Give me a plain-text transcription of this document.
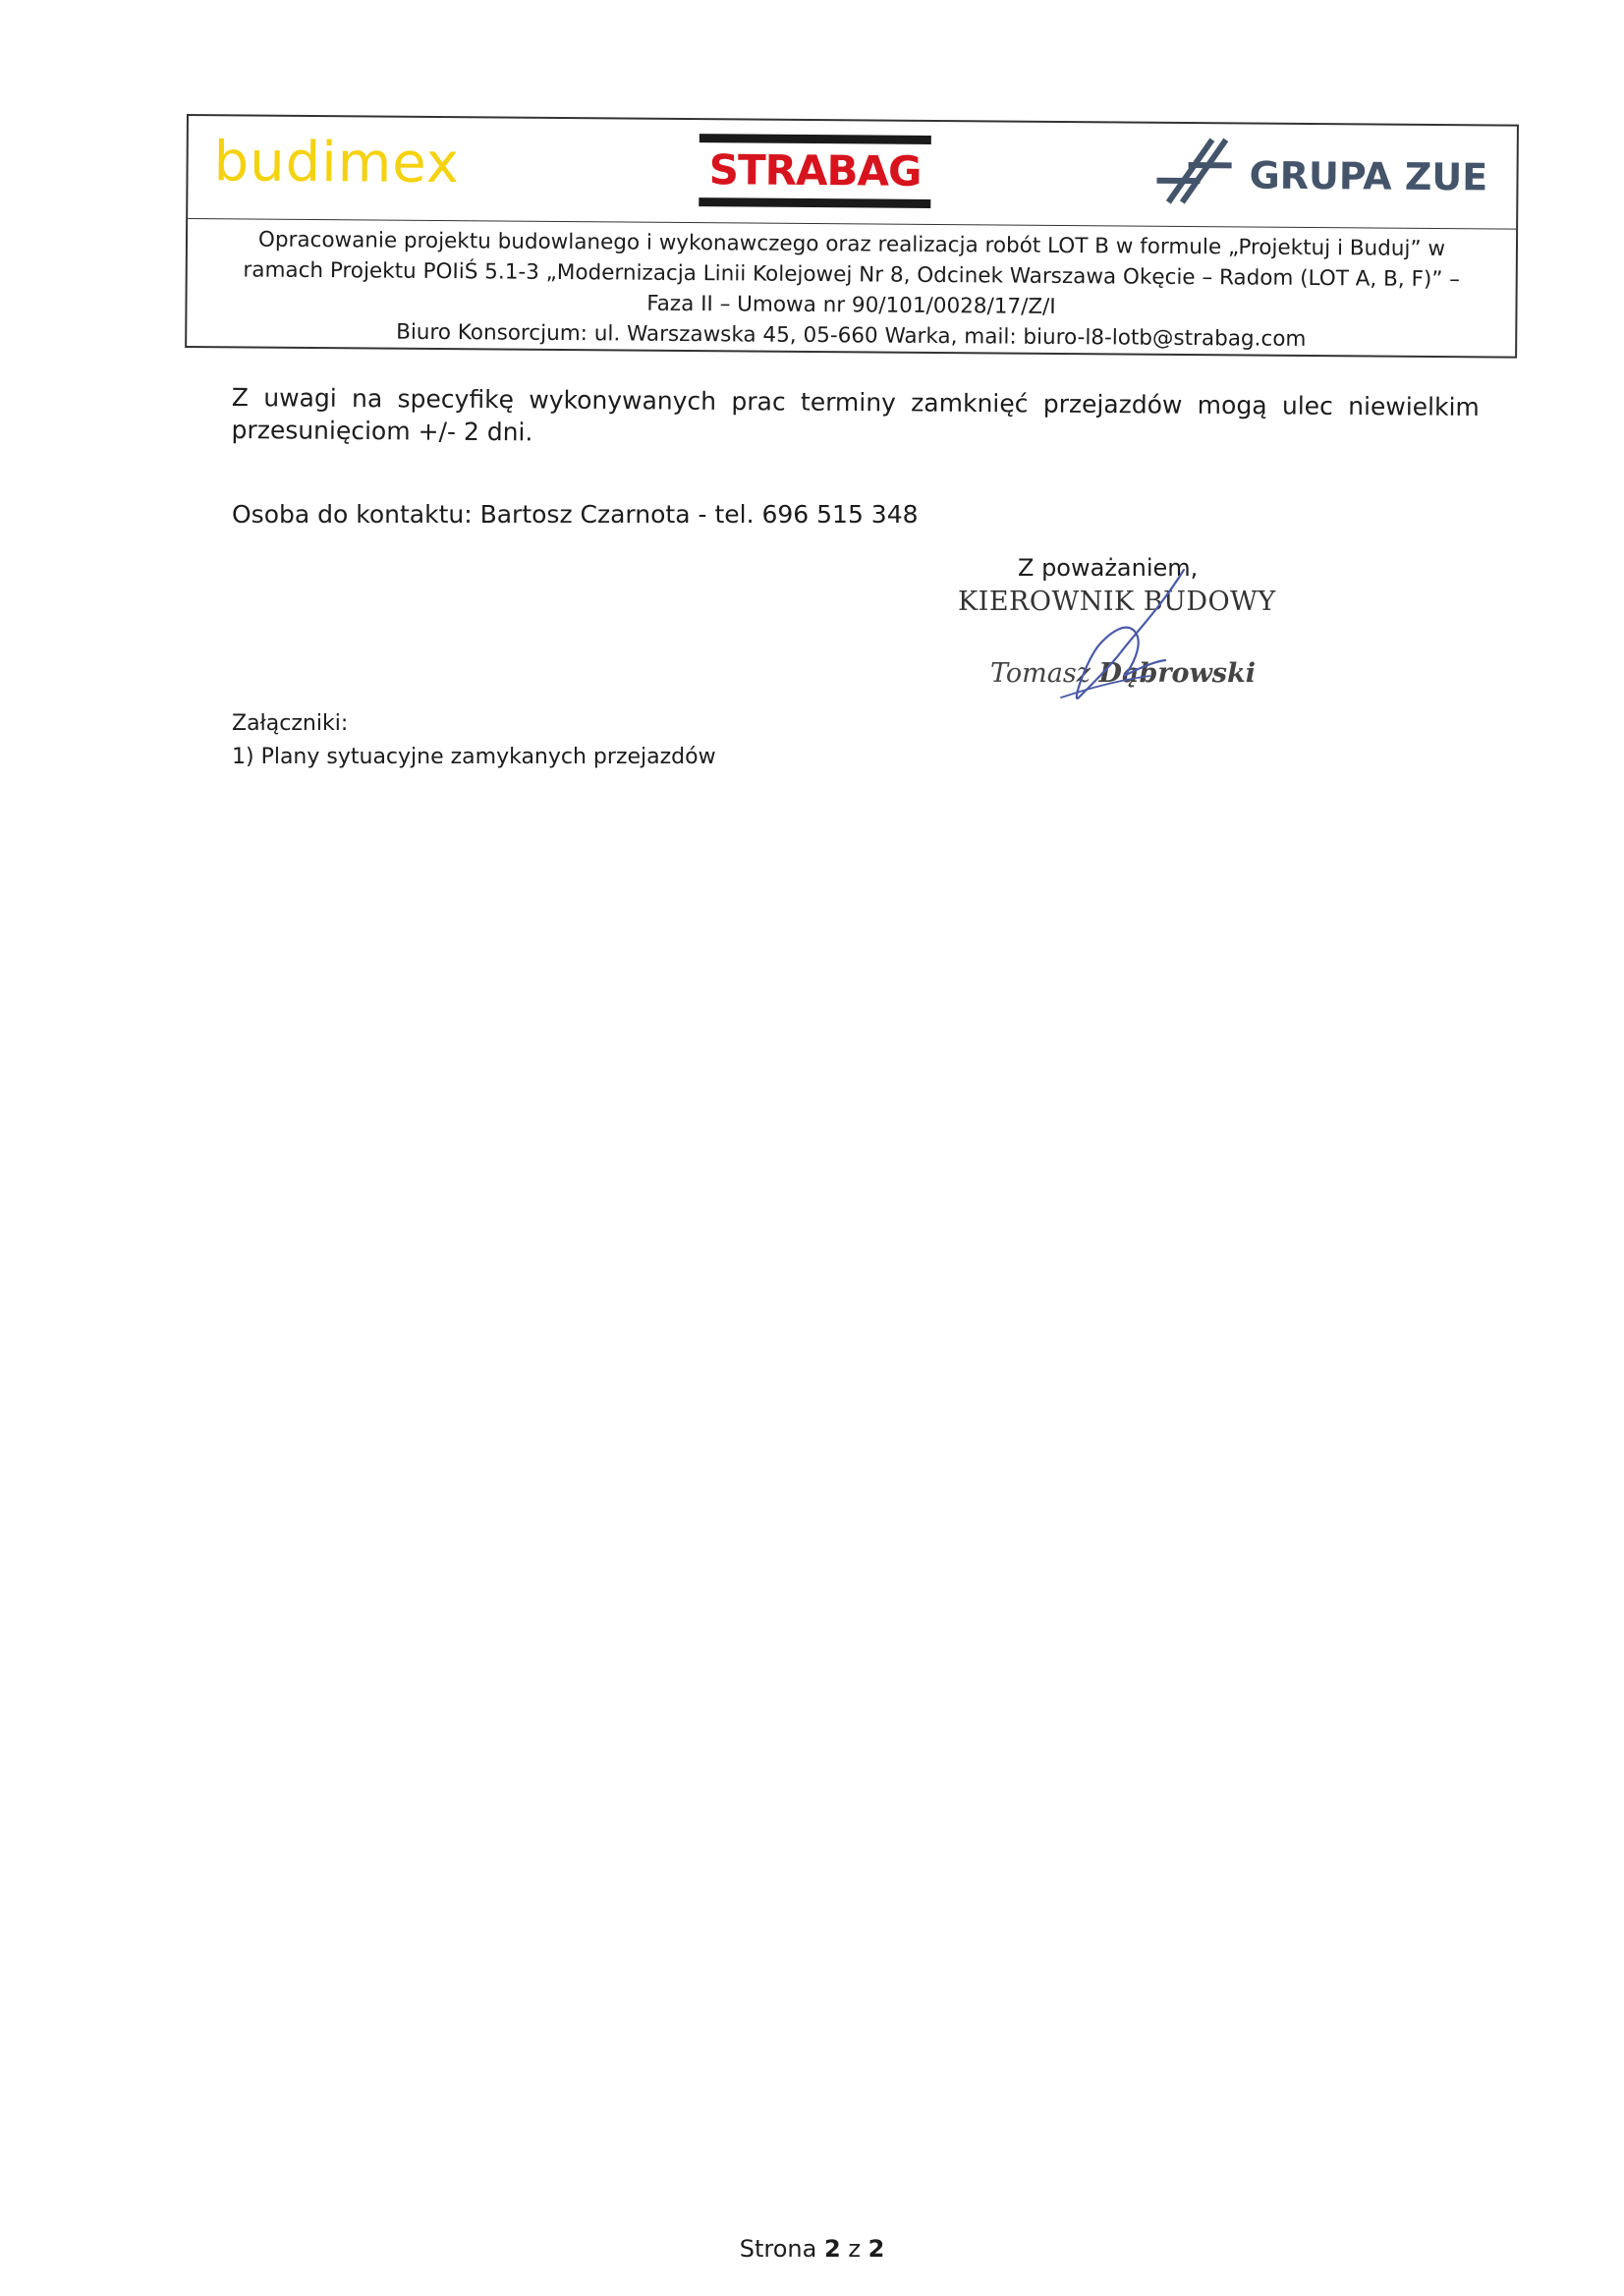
budimex	STRABAG	GRUPA ZUE
Opracowanie projektu budowlanego i wykonawczego oraz realizacja robót LOT B w formule „Projektuj i Buduj” w
ramach Projektu POIiŚ 5.1-3 „Modernizacja Linii Kolejowej Nr 8, Odcinek Warszawa Okęcie – Radom (LOT A, B, F)” –
Faza II – Umowa nr 90/101/0028/17/Z/I
Biuro Konsorcjum: ul. Warszawska 45, 05-660 Warka, mail: biuro-l8-lotb@strabag.com
Z uwagi na specyfikę wykonywanych prac terminy zamknięć przejazdów mogą ulec niewielkim przesunięciom +/- 2 dni.
Osoba do kontaktu: Bartosz Czarnota - tel. 696 515 348
Z poważaniem,
KIEROWNIK BUDOWY
Tomasz Dąbrowski
Załączniki:
1) Plany sytuacyjne zamykanych przejazdów
Strona 2 z 2
